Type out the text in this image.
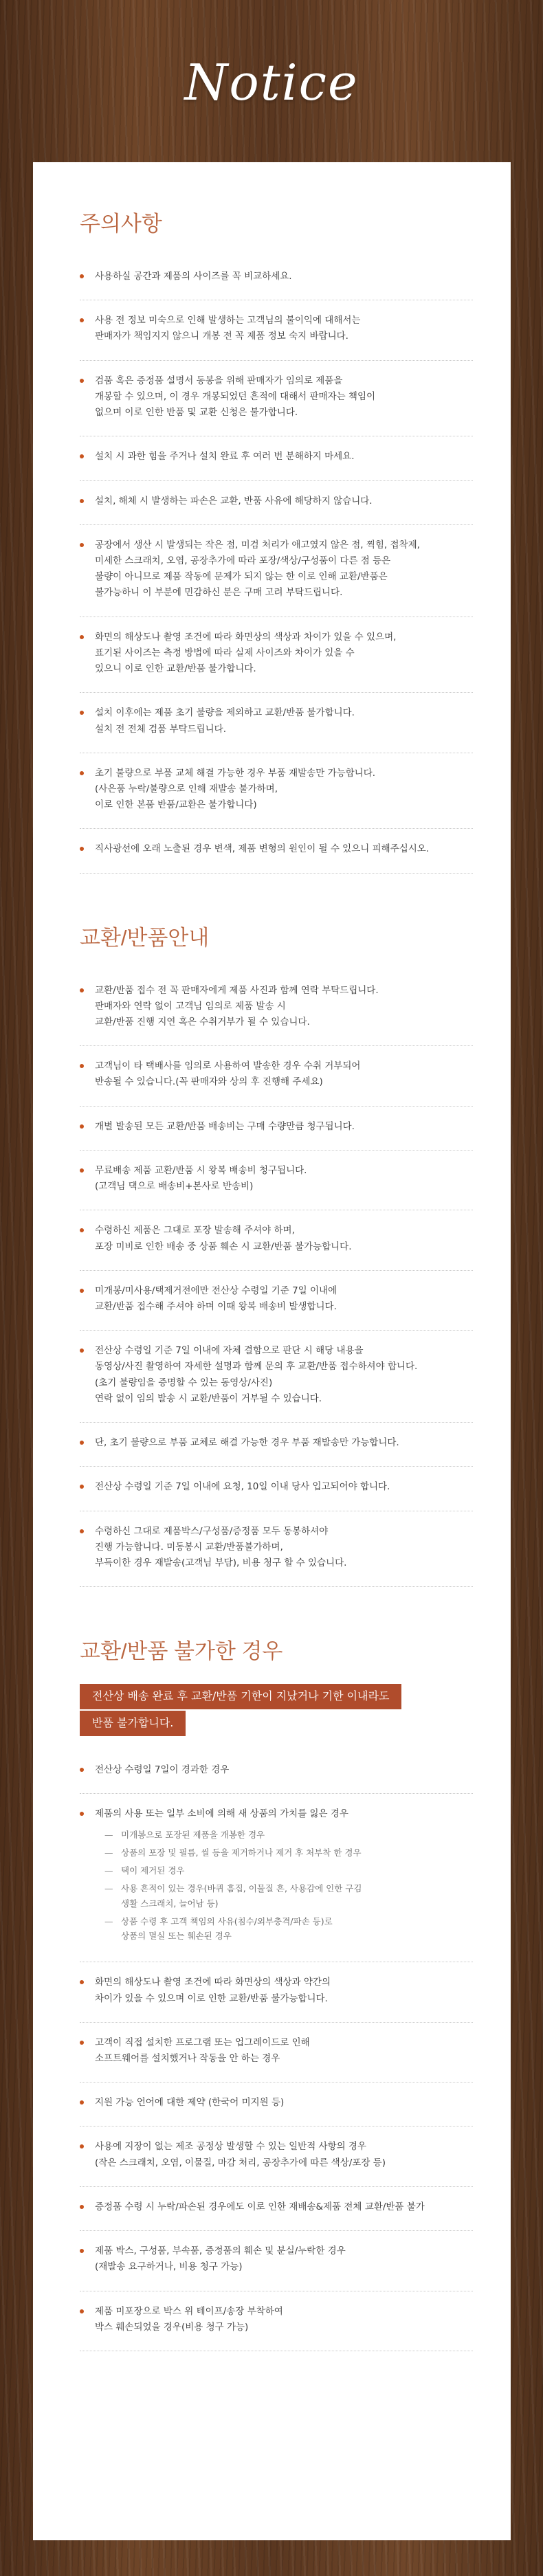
Notice
주의사항
사용하실 공간과 제품의 사이즈를 꼭 비교하세요.
사용 전 정보 미숙으로 인해 발생하는 고객님의 불이익에 대해서는
판매자가 책임지지 않으니 개봉 전 꼭 제품 정보 숙지 바랍니다.
검품 혹은 증정품 설명서 동봉을 위해 판매자가 임의로 제품을
개봉할 수 있으며, 이 경우 개봉되었던 흔적에 대해서 판매자는 책임이
없으며 이로 인한 반품 및 교환 신청은 불가합니다.
설치 시 과한 힘을 주거나 설치 완료 후 여러 번 분해하지 마세요.
설치, 해체 시 발생하는 파손은 교환, 반품 사유에 해당하지 않습니다.
공장에서 생산 시 발생되는 작은 점, 미검 처리가 애고였지 않은 점, 찍힘, 접착제,
미세한 스크래치, 오염, 공장추가에 따라 포장/색상/구성품이 다른 점 등은
불량이 아니므로 제품 작동에 문제가 되지 않는 한 이로 인해 교환/반품은
불가능하니 이 부분에 민감하신 분은 구매 고려 부탁드립니다.
화면의 해상도나 촬영 조건에 따라 화면상의 색상과 차이가 있을 수 있으며,
표기된 사이즈는 측정 방법에 따라 실제 사이즈와 차이가 있을 수
있으니 이로 인한 교환/반품 불가합니다.
설치 이후에는 제품 초기 불량을 제외하고 교환/반품 불가합니다.
설치 전 전체 검품 부탁드립니다.
초기 불량으로 부품 교체 해결 가능한 경우 부품 재발송만 가능합니다.
(사은품 누락/불량으로 인해 재발송 불가하며,
이로 인한 본품 반품/교환은 불가합니다)
직사광선에 오래 노출된 경우 변색, 제품 변형의 원인이 될 수 있으니 피해주십시오.
교환/반품안내
교환/반품 접수 전 꼭 판매자에게 제품 사진과 함께 연락 부탁드립니다.
판매자와 연락 없이 고객님 임의로 제품 발송 시
교환/반품 진행 지연 혹은 수취거부가 될 수 있습니다.
고객님이 타 택배사를 임의로 사용하여 발송한 경우 수취 거부되어
반송될 수 있습니다.(꼭 판매자와 상의 후 진행해 주세요)
개별 발송된 모든 교환/반품 배송비는 구매 수량만큼 청구됩니다.
무료배송 제품 교환/반품 시 왕복 배송비 청구됩니다.
(고객님 댁으로 배송비+본사로 반송비)
수령하신 제품은 그대로 포장 발송해 주셔야 하며,
포장 미비로 인한 배송 중 상품 훼손 시 교환/반품 불가능합니다.
미개봉/미사용/택제거전에만 전산상 수령일 기준 7일 이내에
교환/반품 접수해 주셔야 하며 이때 왕복 배송비 발생합니다.
전산상 수령일 기준 7일 이내에 자체 결함으로 판단 시 해당 내용을
동영상/사진 촬영하여 자세한 설명과 함께 문의 후 교환/반품 접수하셔야 합니다.
(초기 불량임을 증명할 수 있는 동영상/사진)
연락 없이 임의 발송 시 교환/반품이 거부될 수 있습니다.
단, 초기 불량으로 부품 교체로 해결 가능한 경우 부품 재발송만 가능합니다.
전산상 수령일 기준 7일 이내에 요청, 10일 이내 당사 입고되어야 합니다.
수령하신 그대로 제품박스/구성품/증정품 모두 동봉하셔야
진행 가능합니다. 미동봉시 교환/반품불가하며,
부득이한 경우 재발송(고객님 부담), 비용 청구 할 수 있습니다.
교환/반품 불가한 경우
전산상 배송 완료 후 교환/반품 기한이 지났거나 기한 이내라도반품 불가합니다.
전산상 수령일 7일이 경과한 경우
제품의 사용 또는 일부 소비에 의해 새 상품의 가치를 잃은 경우
— 미개봉으로 포장된 제품을 개봉한 경우
— 상품의 포장 및 필름, 씰 등을 제거하거나 제거 후 처부착 한 경우
— 택이 제거된 경우
— 사용 흔적이 있는 경우(바퀴 흠집, 이물질 흔, 사용감에 인한 구김
생활 스크래치, 늘어남 등)
— 상품 수령 후 고객 책임의 사유(침수/외부충격/파손 등)로
상품의 멸실 또는 훼손된 경우
화면의 해상도나 촬영 조건에 따라 화면상의 색상과 약간의
차이가 있을 수 있으며 이로 인한 교환/반품 불가능합니다.
고객이 직접 설치한 프로그램 또는 업그레이드로 인해
소프트웨어를 설치했거나 작동을 안 하는 경우
지원 가능 언어에 대한 제약 (한국어 미지원 등)
사용에 지장이 없는 제조 공정상 발생할 수 있는 일반적 사항의 경우
(작은 스크래치, 오염, 이물질, 마감 처리, 공장추가에 따른 색상/포장 등)
증정품 수령 시 누락/파손된 경우에도 이로 인한 재배송&제품 전체 교환/반품 불가
제품 박스, 구성품, 부속품, 증정품의 훼손 및 분실/누락한 경우
(재발송 요구하거나, 비용 청구 가능)
제품 미포장으로 박스 위 테이프/송장 부착하여
박스 훼손되었을 경우(비용 청구 가능)
